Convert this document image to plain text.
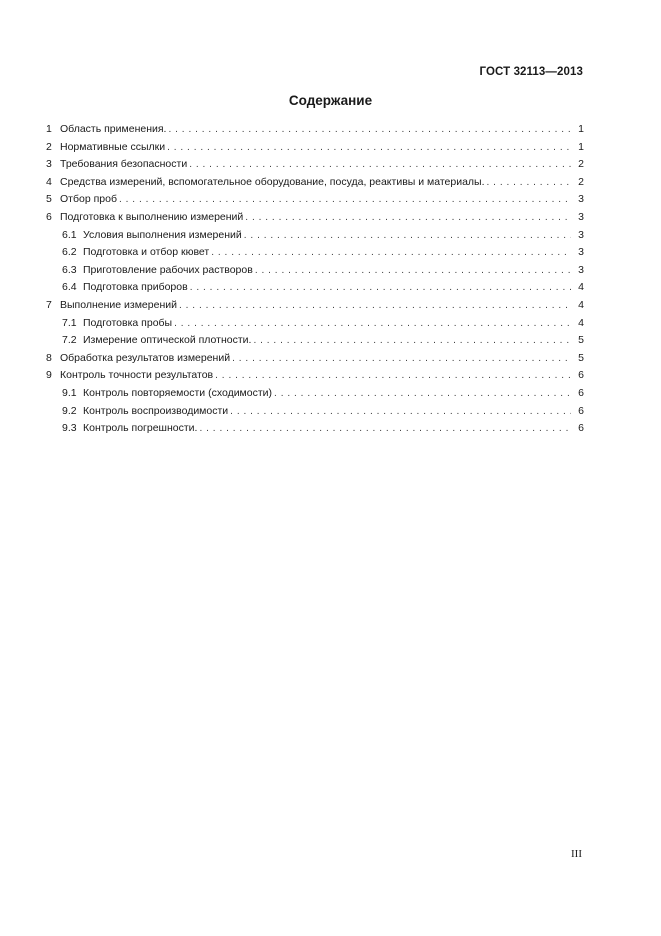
ГОСТ 32113—2013
Содержание
1 Область применения. . . .	1
2 Нормативные ссылки . . .	1
3 Требования безопасности . . .	2
4 Средства измерений, вспомогательное оборудование, посуда, реактивы и материалы. . . .	2
5 Отбор проб . . .	3
6 Подготовка к выполнению измерений . . .	3
6.1 Условия выполнения измерений . . .	3
6.2 Подготовка и отбор кювет . . .	3
6.3 Приготовление рабочих растворов . . .	3
6.4 Подготовка приборов . . .	4
7 Выполнение измерений . . .	4
7.1 Подготовка пробы . . .	4
7.2 Измерение оптической плотности. . . .	5
8 Обработка результатов измерений . . .	5
9 Контроль точности результатов . . .	6
9.1 Контроль повторяемости (сходимости) . . .	6
9.2 Контроль воспроизводимости . . .	6
9.3 Контроль погрешности. . . .	6
III
